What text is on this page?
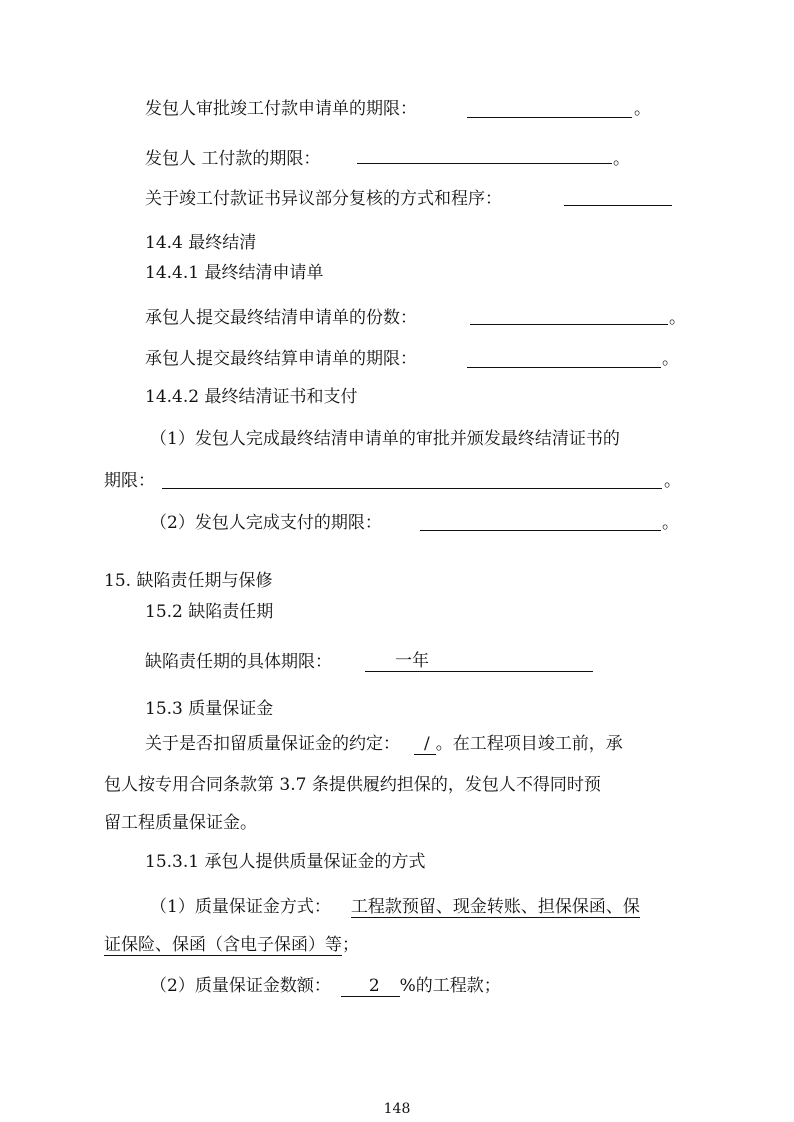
发包人审批竣工付款申请单的期限：	。
发包人 工付款的期限：	。
关于竣工付款证书异议部分复核的方式和程序：
14.4 最终结清
14.4.1 最终结清申请单
承包人提交最终结清申请单的份数：	。
承包人提交最终结算申请单的期限：	。
14.4.2 最终结清证书和支付
（1）发包人完成最终结清申请单的审批并颁发最终结清证书的
期限：	。
（2）发包人完成支付的期限：	。
15. 缺陷责任期与保修
15.2 缺陷责任期
缺陷责任期的具体期限：	一年
15.3 质量保证金
关于是否扣留质量保证金的约定： / 。在工程项目竣工前，承
包人按专用合同条款第 3.7 条提供履约担保的，发包人不得同时预
留工程质量保证金。
15.3.1 承包人提供质量保证金的方式
（1）质量保证金方式： 工程款预留、现金转账、担保保函、保
证保险、保函（含电子保函）等；
（2）质量保证金数额： 2 %的工程款；
148
